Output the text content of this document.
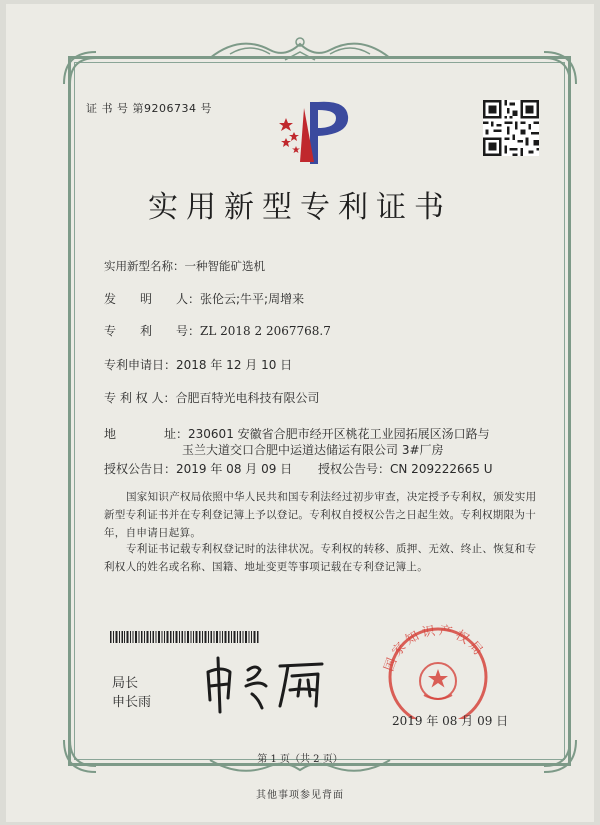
证 书 号 第9206734 号
实用新型专利证书
实用新型名称：一种智能矿选机
发　　明　　人：张伦云;牛平;周增来
专　　利　　号：ZL 2018 2 2067768.7
专利申请日：2018 年 12 月 10 日
专 利 权 人：合肥百特光电科技有限公司
地　　　　址：230601 安徽省合肥市经开区桃花工业园拓展区汤口路与
玉兰大道交口合肥中运道达储运有限公司 3#厂房
授权公告日：2019 年 08 月 09 日 授权公告号：CN 209222665 U
国家知识产权局依照中华人民共和国专利法经过初步审查，决定授予专利权，颁发实用新型专利证书并在专利登记簿上予以登记。专利权自授权公告之日起生效。专利权期限为十年，自申请日起算。
专利证书记载专利权登记时的法律状况。专利权的转移、质押、无效、终止、恢复和专利权人的姓名或名称、国籍、地址变更等事项记载在专利登记簿上。
局长
申长雨
国家知识产权局
2019 年 08 月 09 日
第 1 页（共 2 页）
其他事项参见背面
